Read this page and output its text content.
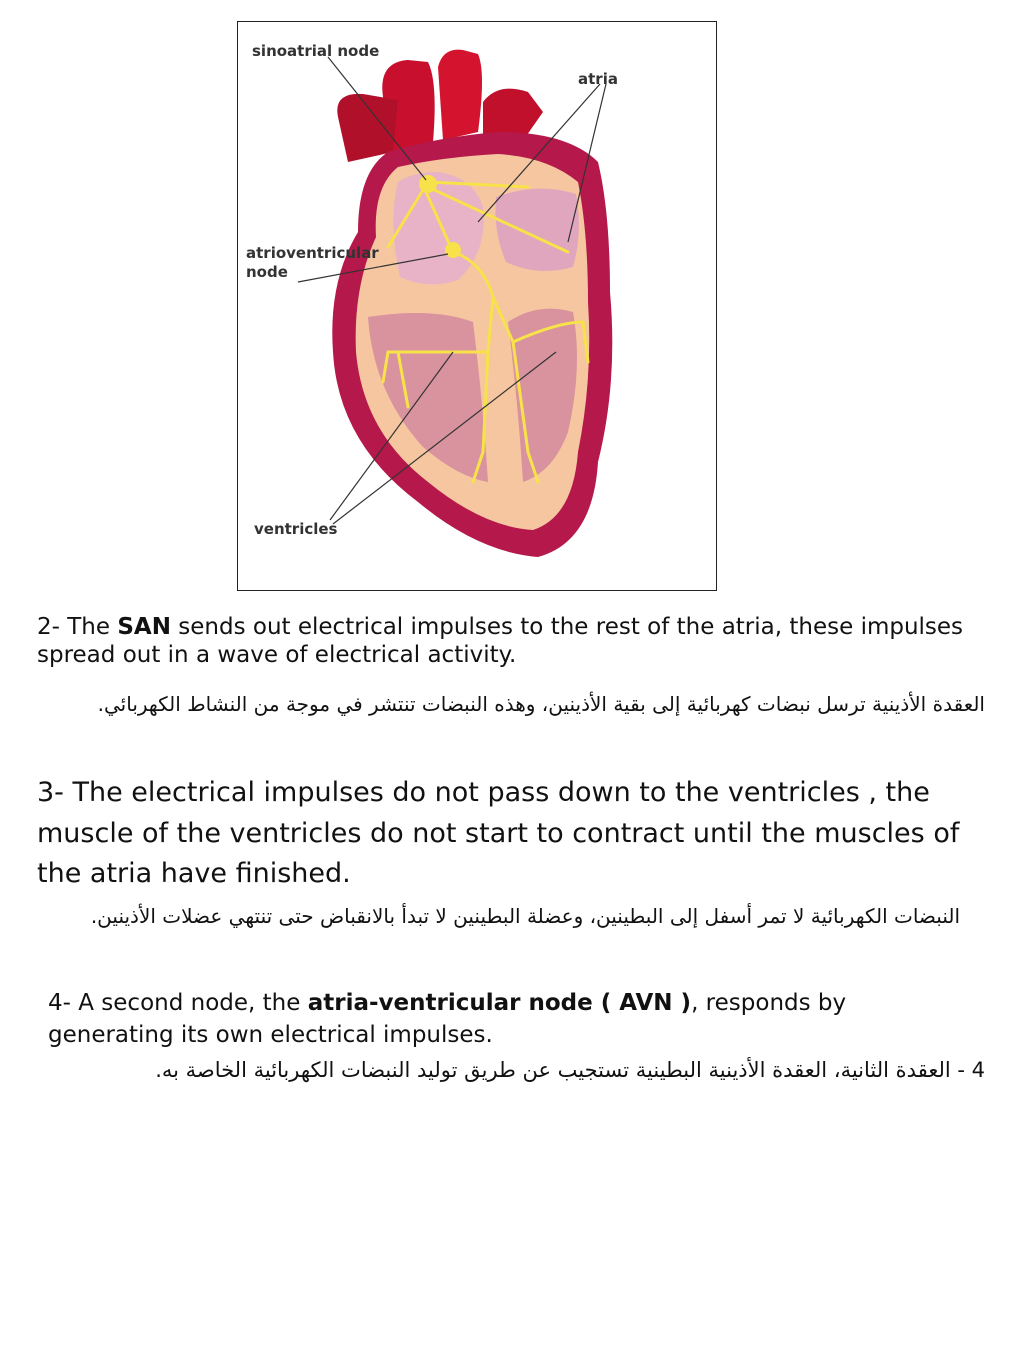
sinoatrial node
atria
atrioventricular
node
ventricles
2- The SAN sends out electrical impulses to the rest of the atria, these impulses spread out in a wave of electrical activity.
العقدة الأذينية ترسل نبضات كهربائية إلى بقية الأذينين، وهذه النبضات تنتشر في موجة من النشاط الكهربائي.
3- The electrical impulses do not pass down to the ventricles , the muscle of the ventricles do not start to contract until the muscles of the atria have finished.
النبضات الكهربائية لا تمر أسفل إلى البطينين، وعضلة البطينين لا تبدأ بالانقباض حتى تنتهي عضلات الأذينين.
4- A second node, the atria-ventricular node ( AVN ), responds by generating its own electrical impulses.
4 - العقدة الثانية، العقدة الأذينية البطينية تستجيب عن طريق توليد النبضات الكهربائية الخاصة به.
